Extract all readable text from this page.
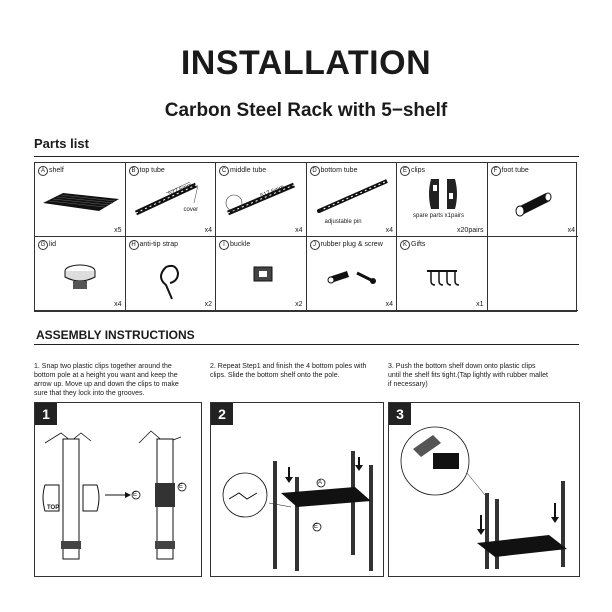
INSTALLATION
Carbon Steel Rack with 5−shelf
Parts list
A shelf
x5
B top tube
527.6mm
cover
x4
C middle tube
517.6mm
x4
D bottom tube
adjustable pin
x4
E clips
spare parts x1pairs
x20pairs
F foot tube
x4
G lid
x4
H anti-tip strap
x2
I buckle
x2
J rubber plug & screw
x4
K Gifts
x1
ASSEMBLY INSTRUCTIONS
1. Snap two plastic clips together around the bottom pole at a height you want and keep the arrow up. Move up and down the clips to make sure that they lock into the grooves.
2. Repeat Step1 and finish the 4 bottom poles with clips. Slide the bottom shelf onto the pole.
3. Push the bottom shelf down onto plastic clips until the shelf fits tight.(Tap lightly with rubber mallet if necessary)
1
E
E
TOP
2
A
E
3
